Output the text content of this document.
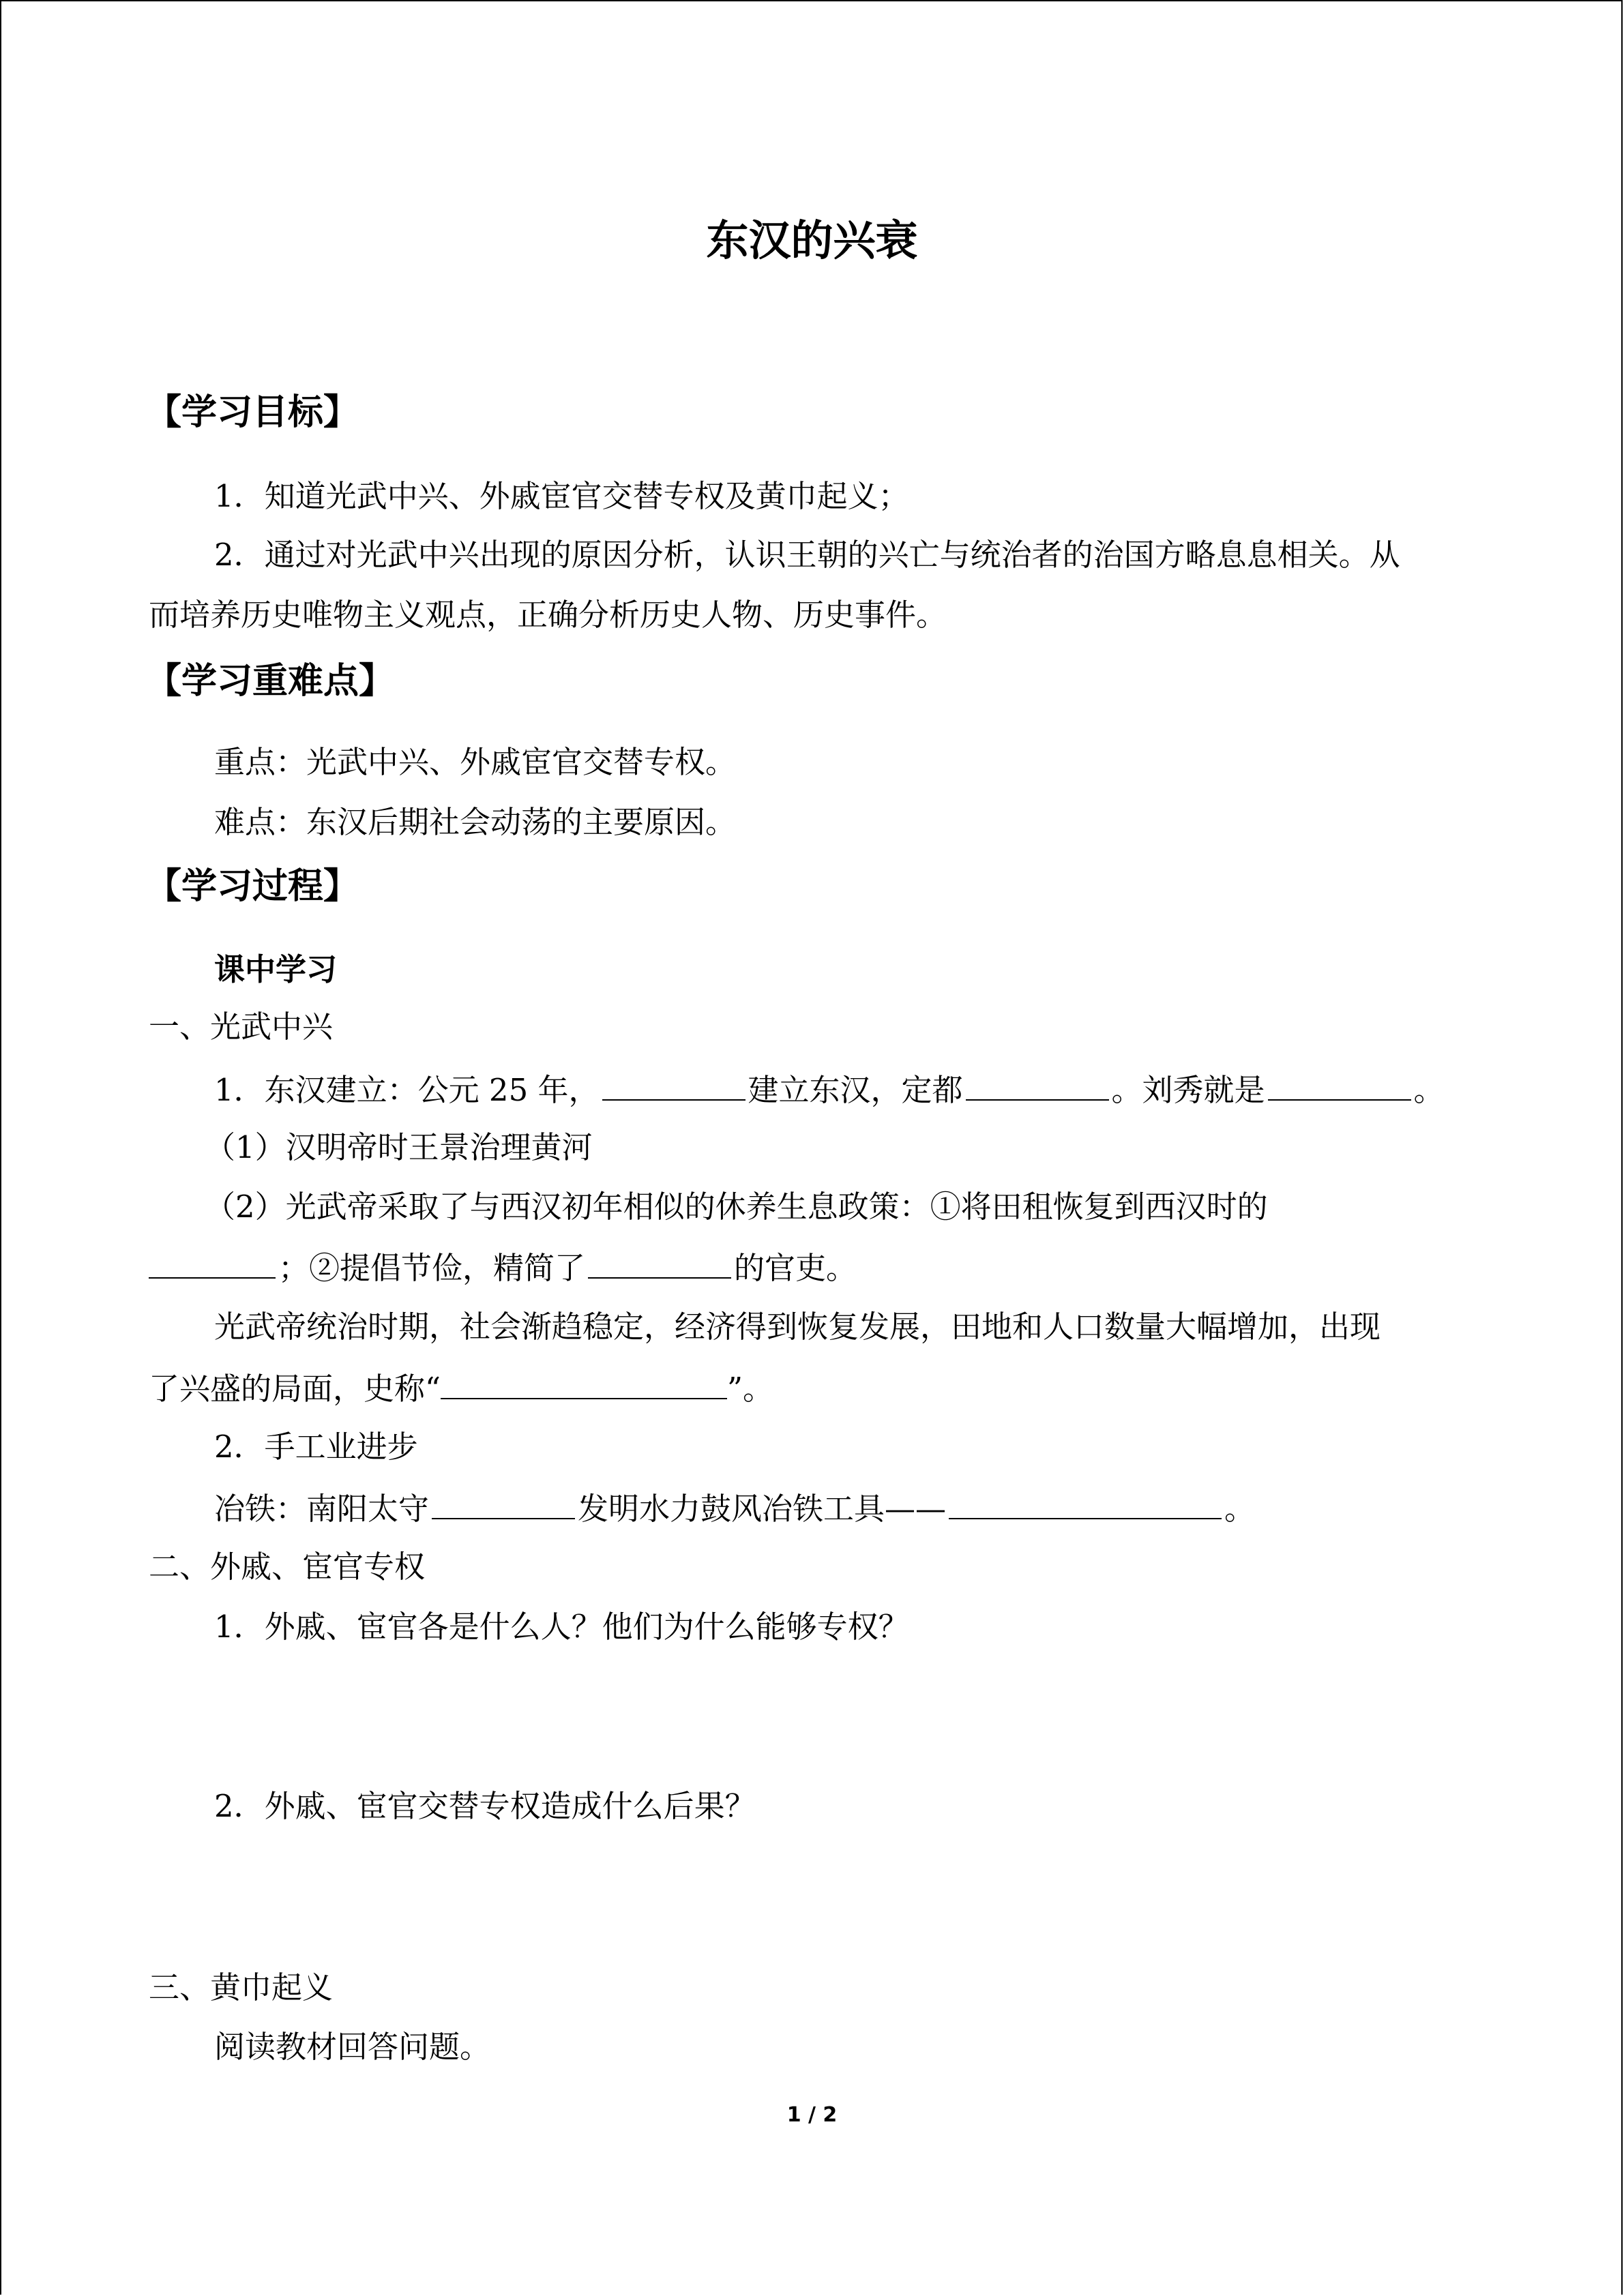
东汉的兴衰
【学习目标】
1．知道光武中兴、外戚宦官交替专权及黄巾起义；
2．通过对光武中兴出现的原因分析，认识王朝的兴亡与统治者的治国方略息息相关。从
而培养历史唯物主义观点，正确分析历史人物、历史事件。
【学习重难点】
重点：光武中兴、外戚宦官交替专权。
难点：东汉后期社会动荡的主要原因。
【学习过程】
课中学习
一、光武中兴
1．东汉建立：公元 25 年，	建立东汉，定都	。刘秀就是	。
（1）汉明帝时王景治理黄河
（2）光武帝采取了与西汉初年相似的休养生息政策：①将田租恢复到西汉时的
；②提倡节俭，精简了	的官吏。
光武帝统治时期，社会渐趋稳定，经济得到恢复发展，田地和人口数量大幅增加，出现
了兴盛的局面，史称“	”。
2．手工业进步
冶铁：南阳太守	发明水力鼓风冶铁工具——	。
二、外戚、宦官专权
1．外戚、宦官各是什么人？他们为什么能够专权？
2．外戚、宦官交替专权造成什么后果？
三、黄巾起义
阅读教材回答问题。
1 / 2
